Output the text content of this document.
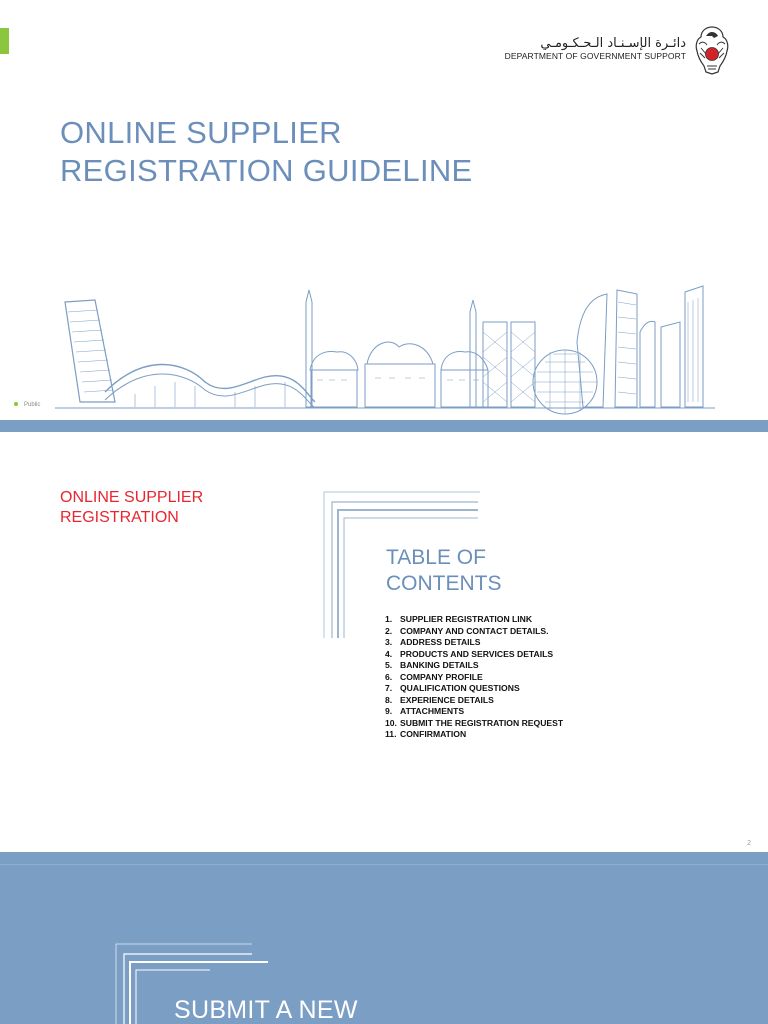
دائـرة الإسـنـاد الـحـكـومـي
DEPARTMENT OF GOVERNMENT SUPPORT
ONLINE SUPPLIER
REGISTRATION GUIDELINE
Public
ONLINE SUPPLIER
REGISTRATION
TABLE OF
CONTENTS
1. SUPPLIER REGISTRATION LINK
2. COMPANY AND CONTACT DETAILS.
3. ADDRESS DETAILS
4. PRODUCTS AND SERVICES DETAILS
5. BANKING DETAILS
6. COMPANY PROFILE
7. QUALIFICATION QUESTIONS
8. EXPERIENCE DETAILS
9. ATTACHMENTS
10. SUBMIT THE REGISTRATION REQUEST
11. CONFIRMATION
2
SUBMIT A NEW
